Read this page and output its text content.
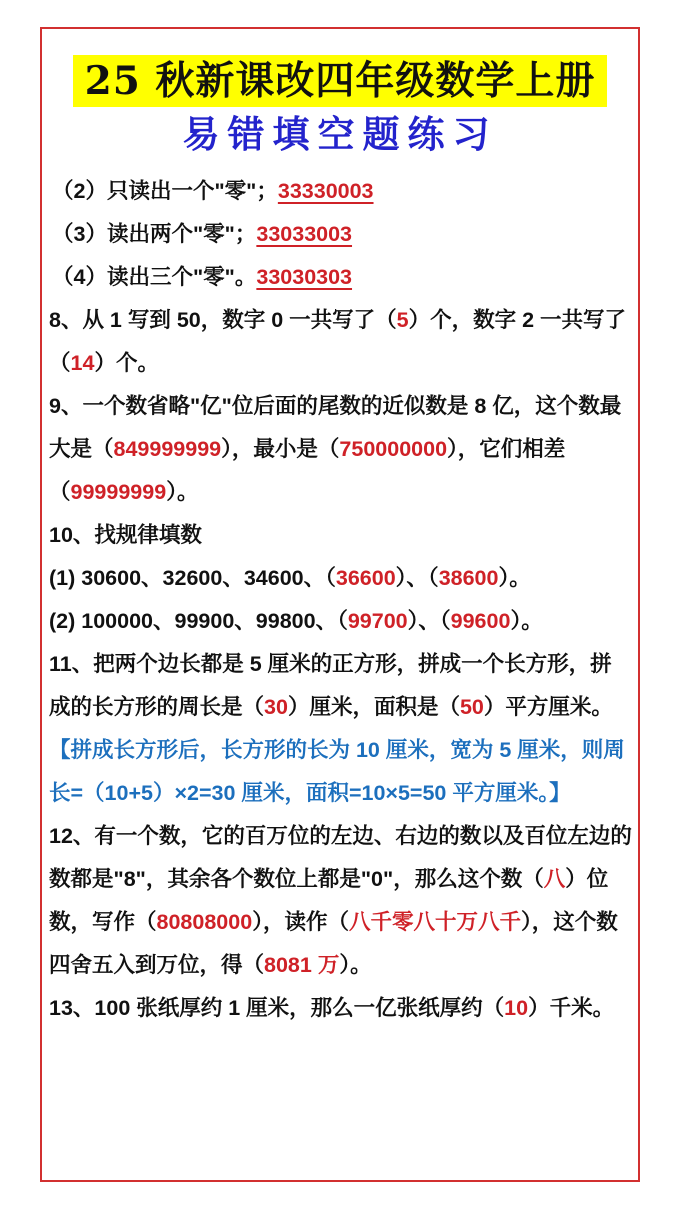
25 秋新课改四年级数学上册
易错填空题练习

（2）只读出一个"零"；33330003

（3）读出两个"零"；33033003

（4）读出三个"零"。33030303

8、从 1 写到 50，数字 0 一共写了（5）个，数字 2 一共写了 （14）个。

9、一个数省略"亿"位后面的尾数的近似数是 8 亿，这个数最大是（849999999），最小是（750000000），它们相差 （99999999）。

10、找规律填数

(1) 30600、32600、34600、（36600）、（38600）。

(2) 100000、99900、99800、（99700）、（99600）。

11、把两个边长都是 5 厘米的正方形，拼成一个长方形，拼成的长方形的周长是（30）厘米，面积是（50）平方厘米。

【拼成长方形后，长方形的长为 10 厘米，宽为 5 厘米，则周长=（10+5）×2=30 厘米，面积=10×5=50 平方厘米。】

12、有一个数，它的百万位的左边、右边的数以及百位左边的数都是"8"，其余各个数位上都是"0"，那么这个数（八）位数，写作（80808000），读作（八千零八十万八千），这个数四舍五入到万位，得（8081 万）。

13、100 张纸厚约 1 厘米，那么一亿张纸厚约（10）千米。
